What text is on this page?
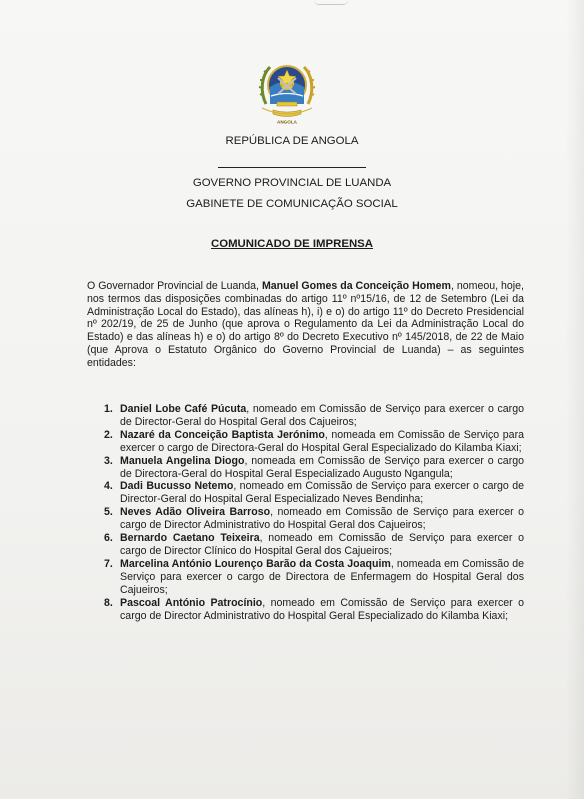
ANGOLA
REPÚBLICA DE ANGOLA
GOVERNO PROVINCIAL DE LUANDA
GABINETE DE COMUNICAÇÃO SOCIAL
COMUNICADO DE IMPRENSA

O Governador Provincial de Luanda, Manuel Gomes da Conceição Homem, nomeou, hoje, nos termos das disposições combinadas do artigo 11º nº15/16, de 12 de Setembro (Lei da Administração Local do Estado), das alíneas h), i) e o) do artigo 11º do Decreto Presidencial nº 202/19, de 25 de Junho (que aprova o Regulamento da Lei da Administração Local do Estado) e das alíneas h) e o) do artigo 8º do Decreto Executivo nº 145/2018, de 22 de Maio (que Aprova o Estatuto Orgânico do Governo Provincial de Luanda) – as seguintes entidades:

1. Daniel Lobe Café Púcuta, nomeado em Comissão de Serviço para exercer o cargo de Director-Geral do Hospital Geral dos Cajueiros;
2. Nazaré da Conceição Baptista Jerónimo, nomeada em Comissão de Serviço para exercer o cargo de Directora-Geral do Hospital Geral Especializado do Kilamba Kiaxi;
3. Manuela Angelina Diogo, nomeada em Comissão de Serviço para exercer o cargo de Directora-Geral do Hospital Geral Especializado Augusto Ngangula;
4. Dadi Bucusso Netemo, nomeado em Comissão de Serviço para exercer o cargo de Director-Geral do Hospital Geral Especializado Neves Bendinha;
5. Neves Adão Oliveira Barroso, nomeado em Comissão de Serviço para exercer o cargo de Director Administrativo do Hospital Geral dos Cajueiros;
6. Bernardo Caetano Teixeira, nomeado em Comissão de Serviço para exercer o cargo de Director Clínico do Hospital Geral dos Cajueiros;
7. Marcelina António Lourenço Barão da Costa Joaquim, nomeada em Comissão de Serviço para exercer o cargo de Directora de Enfermagem do Hospital Geral dos Cajueiros;
8. Pascoal António Patrocínio, nomeado em Comissão de Serviço para exercer o cargo de Director Administrativo do Hospital Geral Especializado do Kilamba Kiaxi;
